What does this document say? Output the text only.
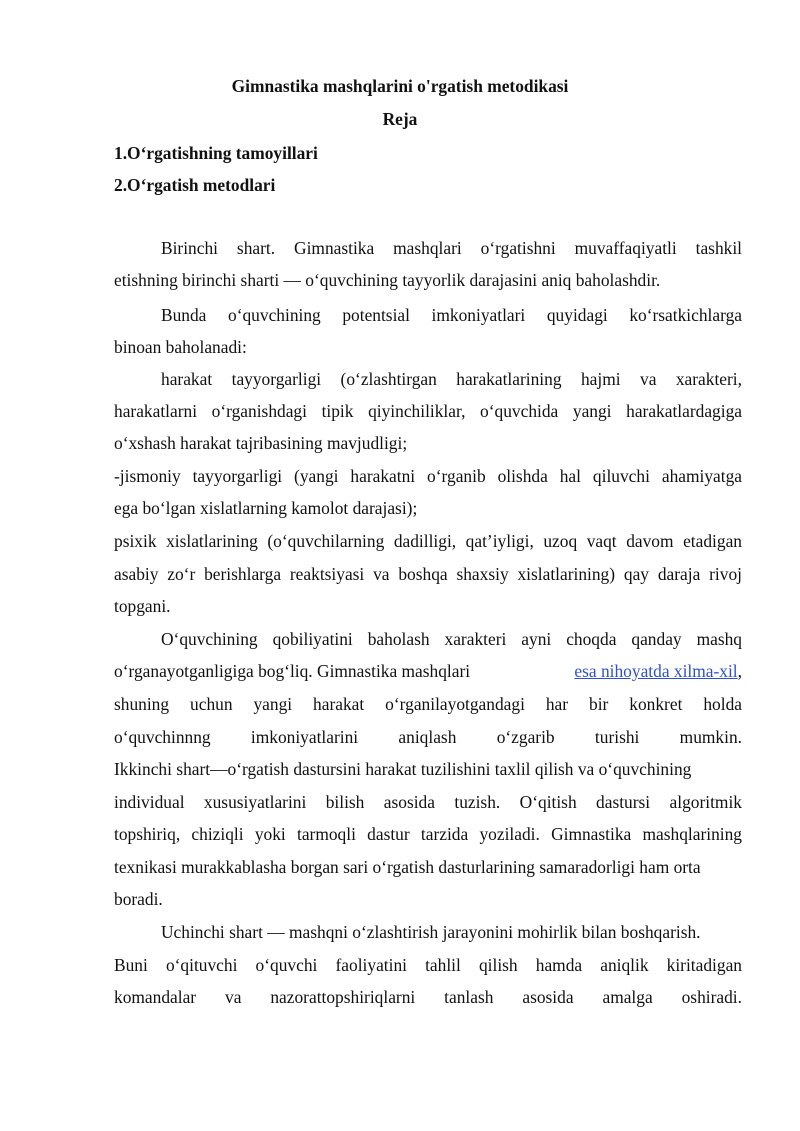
Gimnastika mashqlarini o'rgatish metodikasi
Reja
1.O‘rgatishning tamoyillari
2.O‘rgatish metodlari
Birinchi shart. Gimnastika mashqlari o‘rgatishni muvaffaqiyatli tashkil
etishning birinchi sharti — o‘quvchining tayyorlik darajasini aniq baholashdir.
Bunda o‘quvchining potentsial imkoniyatlari quyidagi ko‘rsatkichlarga
binoan baholanadi:
harakat tayyorgarligi (o‘zlashtirgan harakatlarining hajmi va xarakteri,
harakatlarni o‘rganishdagi tipik qiyinchiliklar, o‘quvchida yangi harakatlardagiga
o‘xshash harakat tajribasining mavjudligi;
-jismoniy tayyorgarligi (yangi harakatni o‘rganib olishda hal qiluvchi ahamiyatga
ega bo‘lgan xislatlarning kamolot darajasi);
psixik xislatlarining (o‘quvchilarning dadilligi, qat’iyligi, uzoq vaqt davom etadigan
asabiy zo‘r berishlarga reaktsiyasi va boshqa shaxsiy xislatlarining) qay daraja rivoj
topgani.
O‘quvchining qobiliyatini baholash xarakteri ayni choqda qanday mashq
o‘rganayotganligiga bog‘liq. Gimnastika mashqlari	esa nihoyatda xilma-xil,
shuning uchun yangi harakat o‘rganilayotgandagi har bir konkret holda
o‘quvchinnng imkoniyatlarini aniqlash o‘zgarib turishi mumkin.
Ikkinchi shart—o‘rgatish dastursini harakat tuzilishini taxlil qilish va o‘quvchining
individual xususiyatlarini bilish asosida tuzish. O‘qitish dastursi algoritmik
topshiriq, chiziqli yoki tarmoqli dastur tarzida yoziladi. Gimnastika mashqlarining
texnikasi murakkablasha borgan sari o‘rgatish dasturlarining samaradorligi ham orta
boradi.
Uchinchi shart — mashqni o‘zlashtirish jarayonini mohirlik bilan boshqarish.
Buni o‘qituvchi o‘quvchi faoliyatini tahlil qilish hamda aniqlik kiritadigan
komandalar va nazorattopshiriqlarni tanlash asosida amalga oshiradi.
